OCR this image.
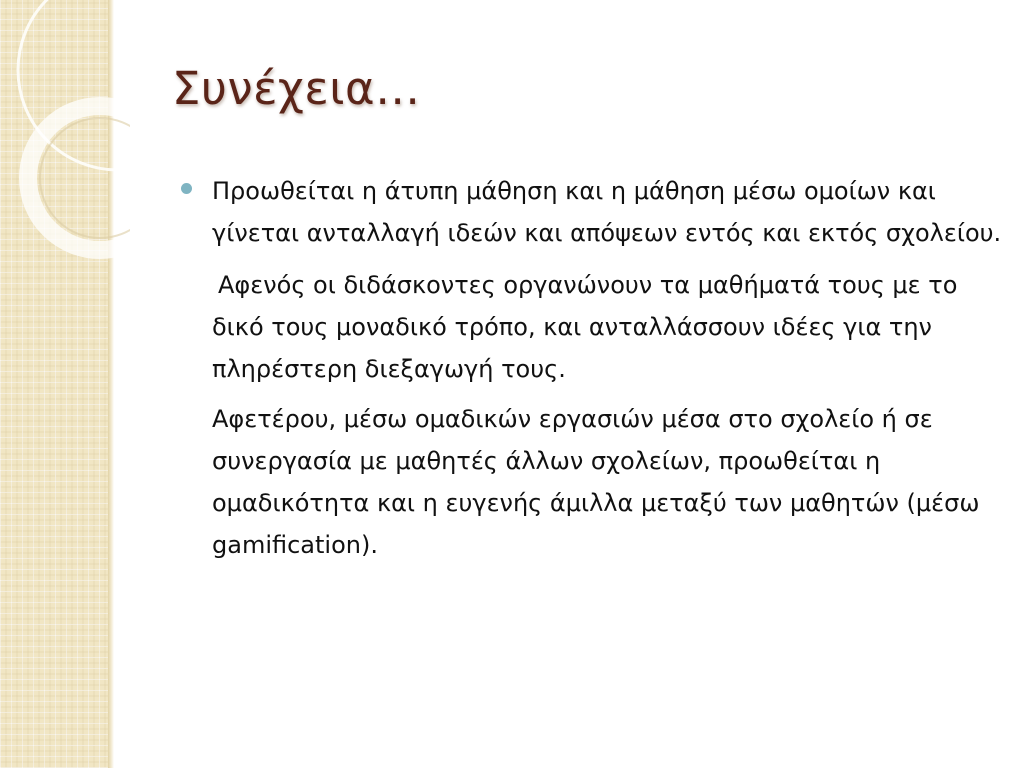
Συνέχεια…

Προωθείται η άτυπη μάθηση και η μάθηση μέσω ομοίων και γίνεται ανταλλαγή ιδεών και απόψεων εντός και εκτός σχολείου.

Αφενός οι διδάσκοντες οργανώνουν τα μαθήματά τους με το δικό τους μοναδικό τρόπο, και ανταλλάσσουν ιδέες για την πληρέστερη διεξαγωγή τους.

Αφετέρου, μέσω ομαδικών εργασιών μέσα στο σχολείο ή σε συνεργασία με μαθητές άλλων σχολείων, προωθείται η ομαδικότητα και η ευγενής άμιλλα μεταξύ των μαθητών (μέσω gamification).
